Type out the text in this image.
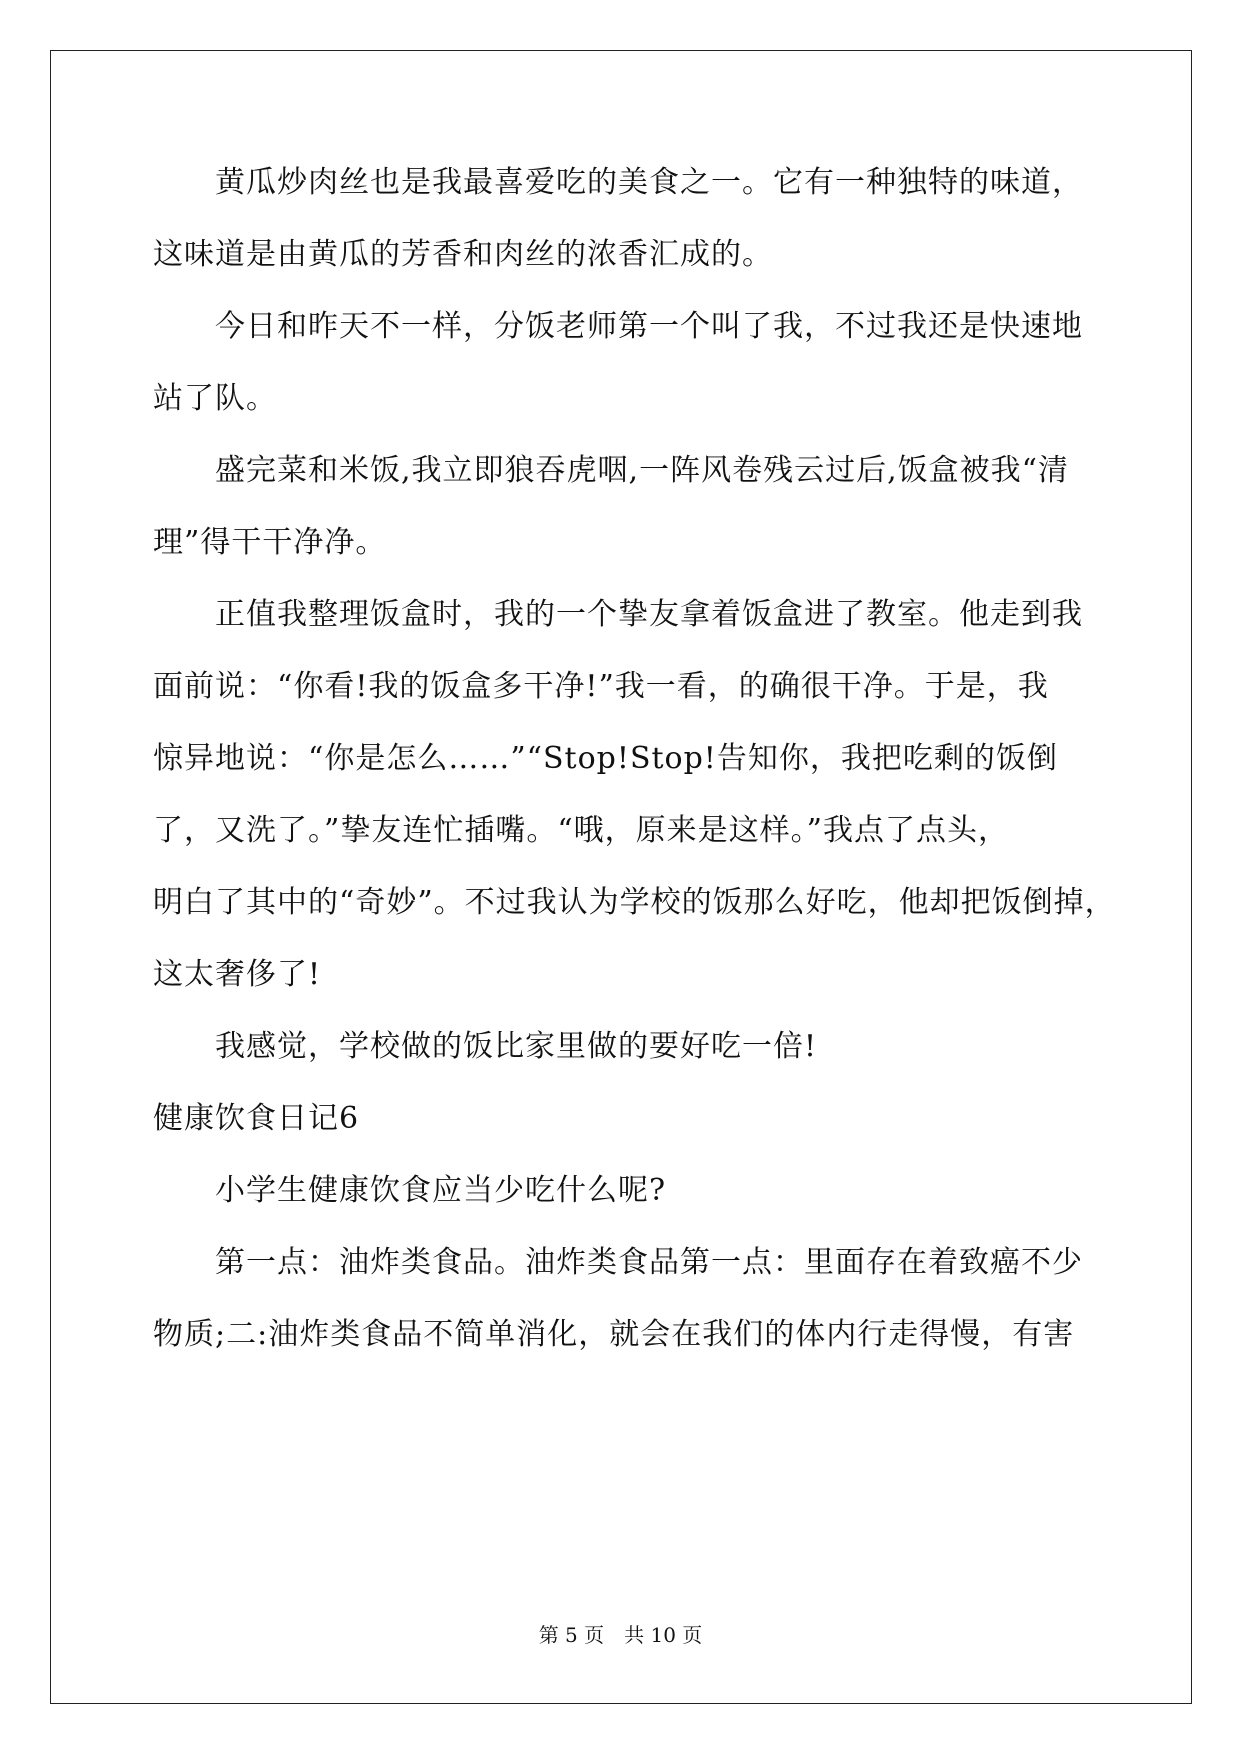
黄瓜炒肉丝也是我最喜爱吃的美食之一。它有一种独特的味道，
这味道是由黄瓜的芳香和肉丝的浓香汇成的。
今日和昨天不一样，分饭老师第一个叫了我，不过我还是快速地
站了队。
盛完菜和米饭,我立即狼吞虎咽,一阵风卷残云过后,饭盒被我“清
理”得干干净净。
正值我整理饭盒时，我的一个挚友拿着饭盒进了教室。他走到我
面前说：“你看!我的饭盒多干净!”我一看，的确很干净。于是，我
惊异地说：“你是怎么……”“Stop!Stop!告知你，我把吃剩的饭倒
了，又洗了。”挚友连忙插嘴。“哦，原来是这样。”我点了点头，
明白了其中的“奇妙”。不过我认为学校的饭那么好吃，他却把饭倒掉，
这太奢侈了!
我感觉，学校做的饭比家里做的要好吃一倍!
健康饮食日记6
小学生健康饮食应当少吃什么呢?
第一点：油炸类食品。油炸类食品第一点：里面存在着致癌不少
物质;二:油炸类食品不简单消化，就会在我们的体内行走得慢，有害
第 5 页　共 10 页
